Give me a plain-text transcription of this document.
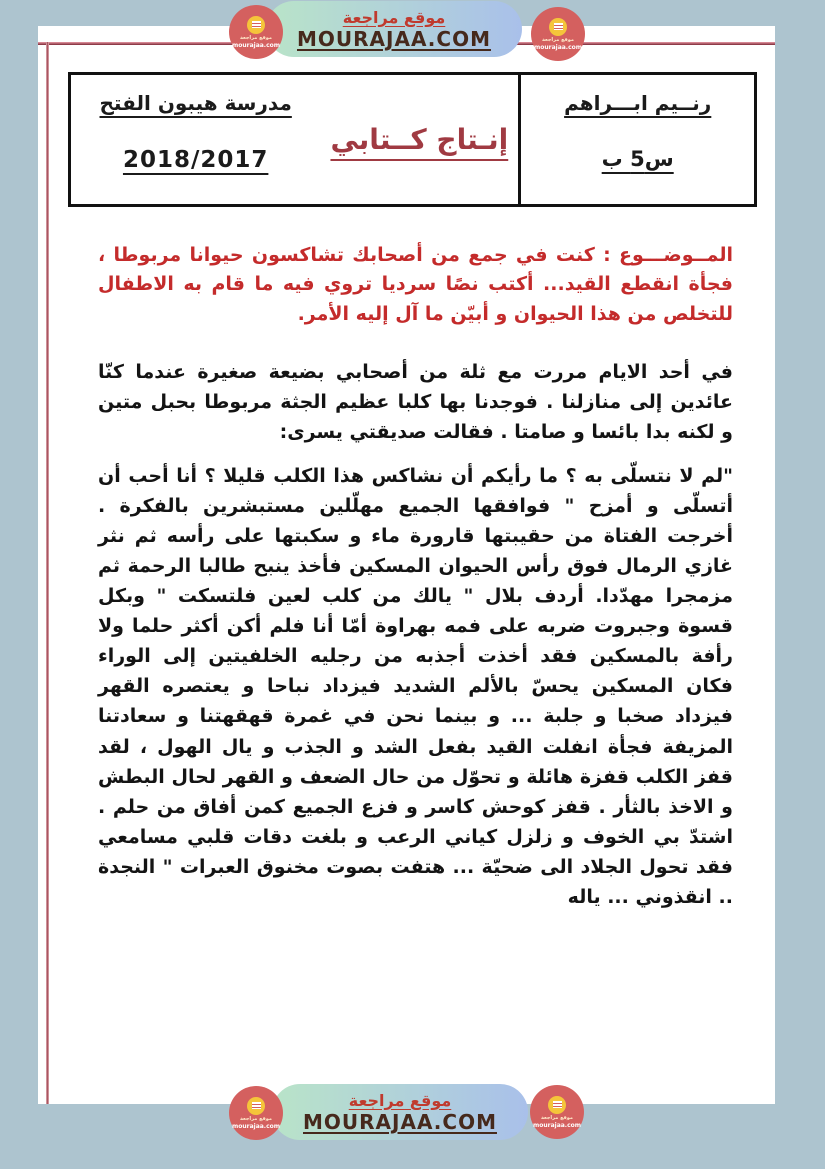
رنــيم ابـــراهم
س5 ب
إنـتاج كــتابي
مدرسة هيبون الفتح
2018/2017

المــوضـــوع : كنت في جمع من أصحابك تشاكسون حيوانا مربوطا ، فجأة انقطع القيد... أكتب نصًا سرديا تروي فيه ما قام به الاطفال للتخلص من هذا الحيوان و أبيّن ما آل إليه الأمر.

في أحد الايام مررت مع ثلة من أصحابي بضيعة صغيرة عندما كنّا عائدين إلى منازلنا . فوجدنا بها كلبا عظيم الجثة مربوطا بحبل متين و لكنه بدا بائسا و صامتا . فقالت صديقتي يسرى:

"لم لا نتسلّى به ؟ ما رأيكم أن نشاكس هذا الكلب قليلا ؟ أنا أحب أن أتسلّى و أمزح " فوافقها الجميع مهلّلين مستبشرين بالفكرة . أخرجت الفتاة من حقيبتها قارورة ماء و سكبتها على رأسه ثم نثر غازي الرمال فوق رأس الحيوان المسكين فأخذ ينبح طالبا الرحمة ثم مزمجرا مهدّدا. أردف بلال " يالك من كلب لعين فلتسكت " وبكل قسوة وجبروت ضربه على فمه بهراوة أمّا أنا فلم أكن أكثر حلما ولا رأفة بالمسكين فقد أخذت أجذبه من رجليه الخلفيتين إلى الوراء فكان المسكين يحسّ بالألم الشديد فيزداد نباحا و يعتصره القهر فيزداد صخبا و جلبة ... و بينما نحن في غمرة قهقهتنا و سعادتنا المزيفة فجأة انفلت القيد بفعل الشد و الجذب و يال الهول ، لقد قفز الكلب قفزة هائلة و تحوّل من حال الضعف و القهر لحال البطش و الاخذ بالثأر . قفز كوحش كاسر و فزع الجميع كمن أفاق من حلم . اشتدّ بي الخوف و زلزل كياني الرعب و بلغت دقات قلبي مسامعي فقد تحول الجلاد الى ضحيّة ... هتفت بصوت مخنوق العبرات " النجدة .. انقذوني ... ياله

موقع مراجعة
MOURAJAA.COM
موقع مراجعة
mourajaa.com
موقع مراجعة
mourajaa.com
موقع مراجعة
MOURAJAA.COM
موقع مراجعة
mourajaa.com
موقع مراجعة
mourajaa.com
